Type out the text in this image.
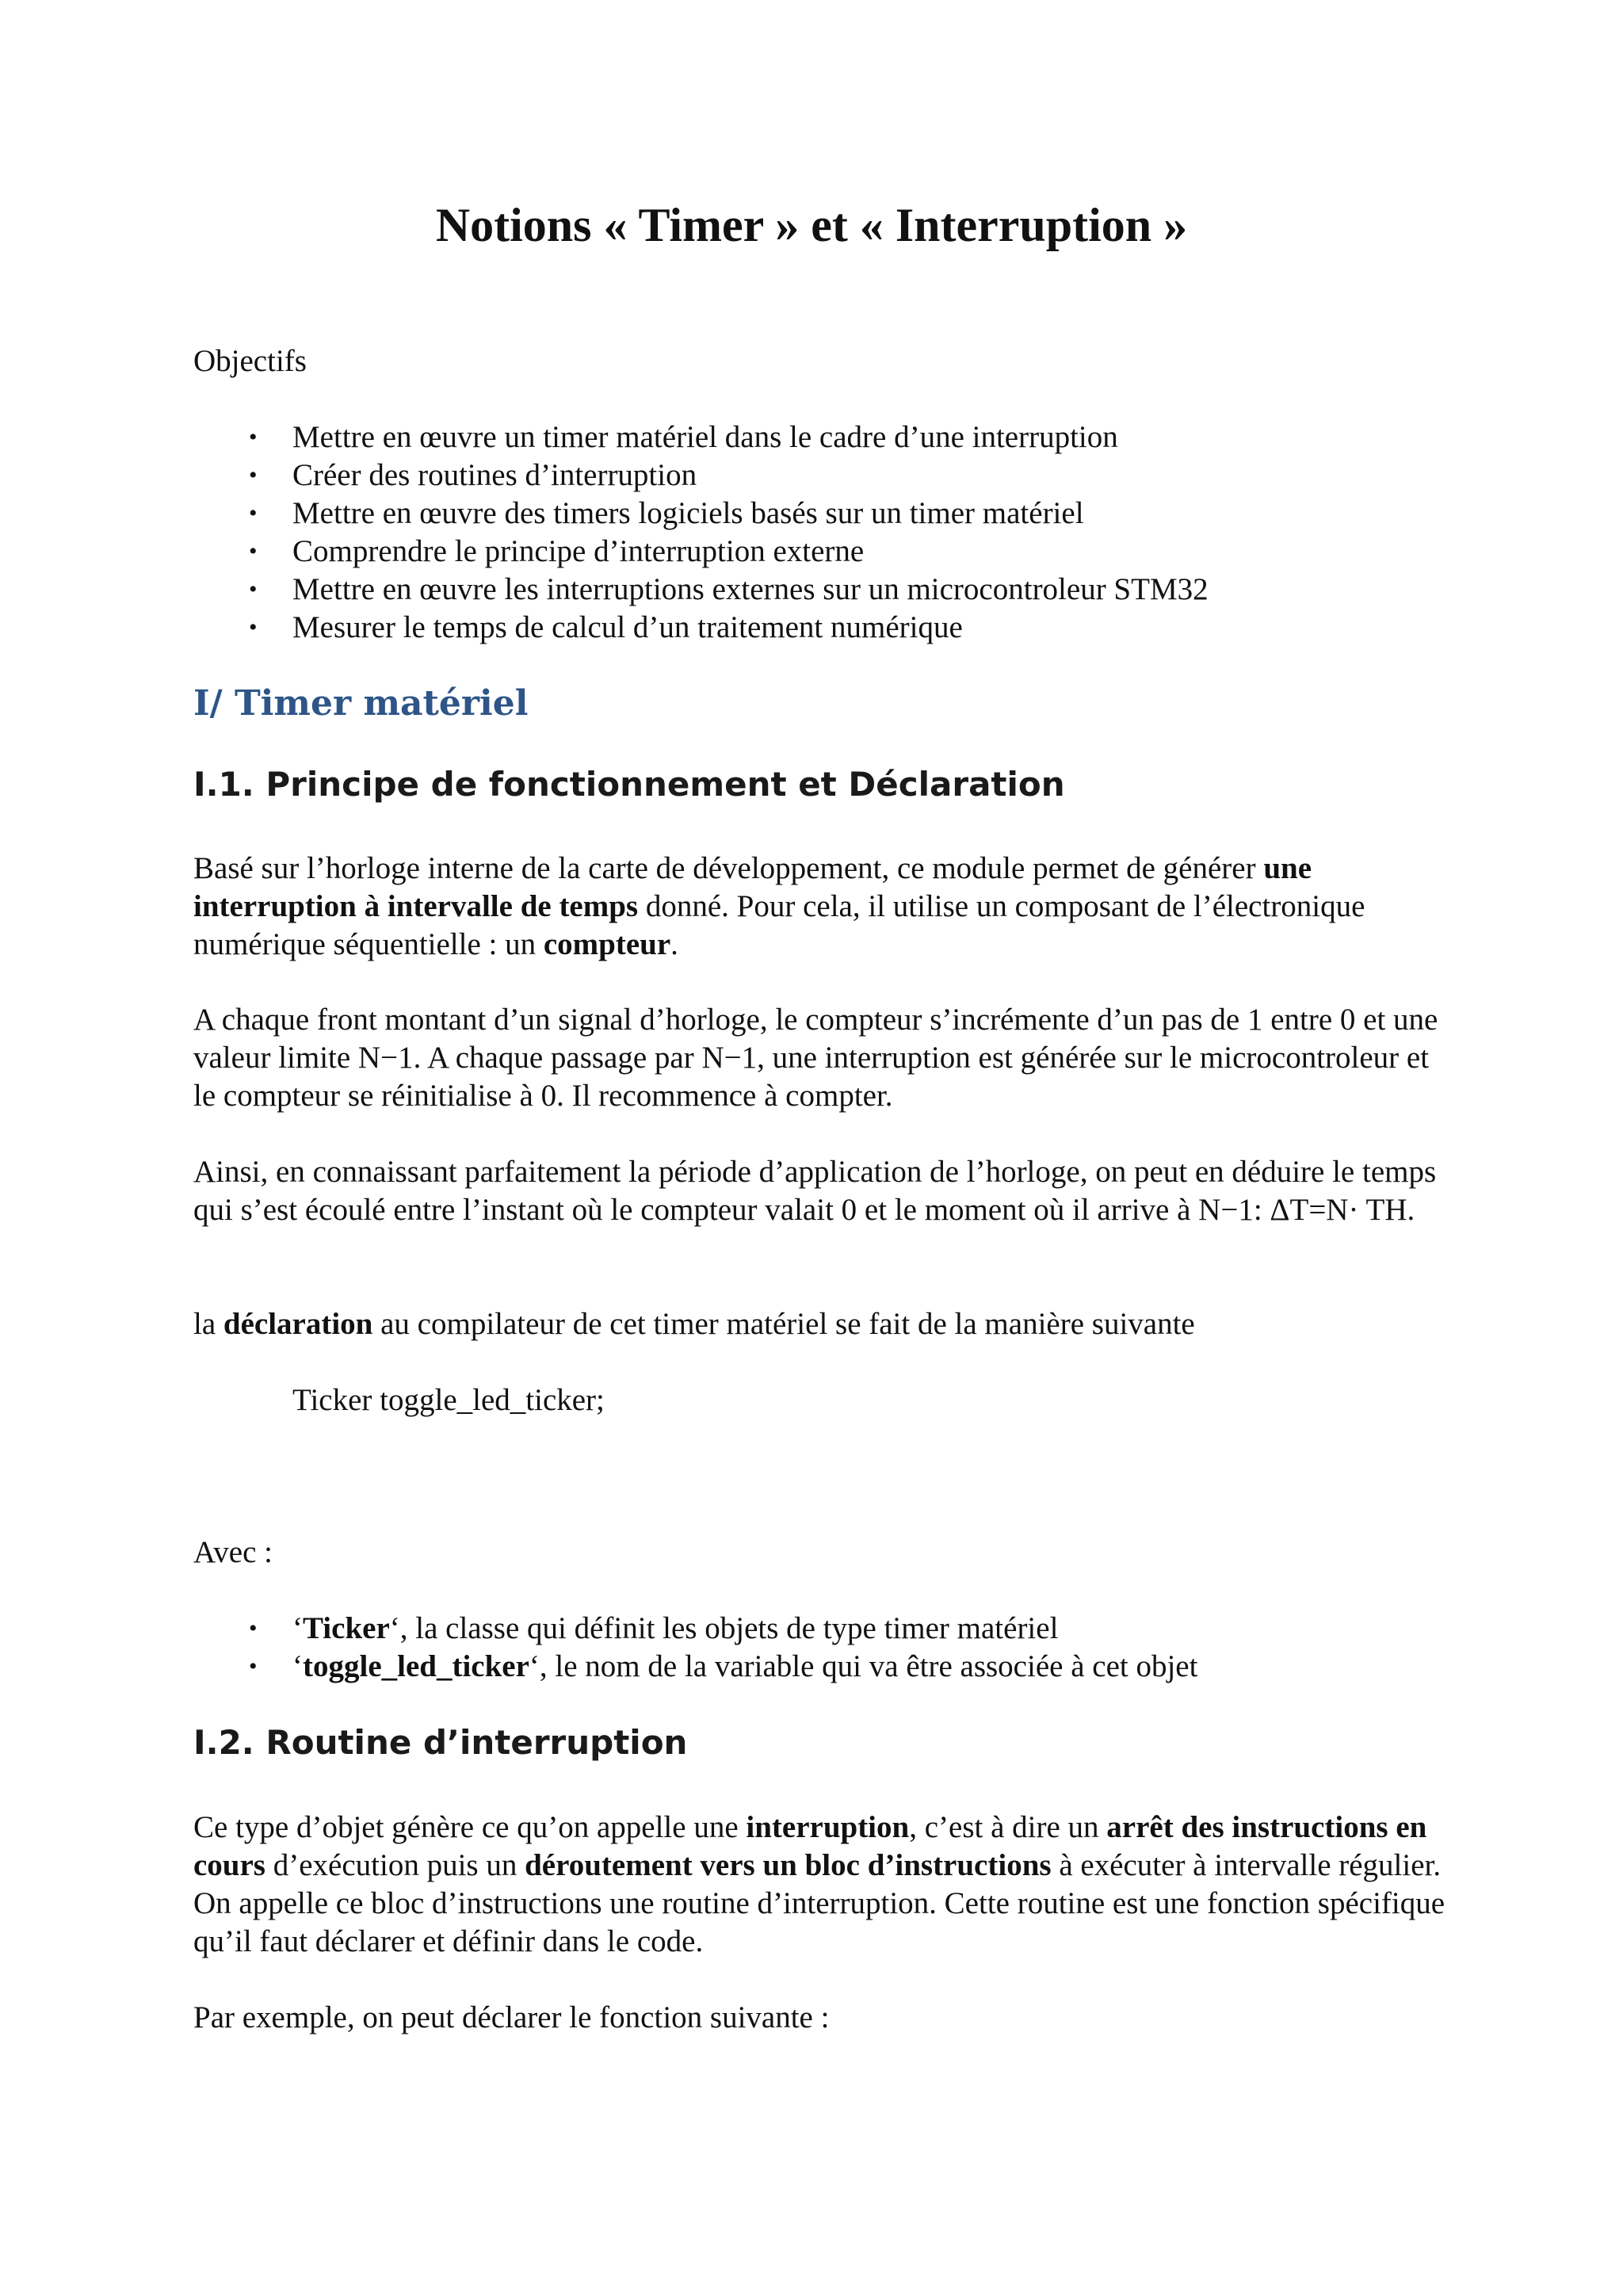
Notions « Timer » et « Interruption »

Objectifs

• Mettre en œuvre un timer matériel dans le cadre d’une interruption
• Créer des routines d’interruption
• Mettre en œuvre des timers logiciels basés sur un timer matériel
• Comprendre le principe d’interruption externe
• Mettre en œuvre les interruptions externes sur un microcontroleur STM32
• Mesurer le temps de calcul d’un traitement numérique
I/ Timer matériel
I.1. Principe de fonctionnement et Déclaration

Basé sur l’horloge interne de la carte de développement, ce module permet de générer une interruption à intervalle de temps donné. Pour cela, il utilise un composant de l’électronique numérique séquentielle : un compteur.

A chaque front montant d’un signal d’horloge, le compteur s’incrémente d’un pas de 1 entre 0 et une valeur limite N−1. A chaque passage par N−1, une interruption est générée sur le microcontroleur et le compteur se réinitialise à 0. Il recommence à compter.

Ainsi, en connaissant parfaitement la période d’application de l’horloge, on peut en déduire le temps qui s’est écoulé entre l’instant où le compteur valait 0 et le moment où il arrive à N−1: ΔT=N· TH.

la déclaration au compilateur de cet timer matériel se fait de la manière suivante

Ticker toggle_led_ticker;

Avec :

• ‘Ticker‘, la classe qui définit les objets de type timer matériel
• ‘toggle_led_ticker‘, le nom de la variable qui va être associée à cet objet
I.2. Routine d’interruption

Ce type d’objet génère ce qu’on appelle une interruption, c’est à dire un arrêt des instructions en cours d’exécution puis un déroutement vers un bloc d’instructions à exécuter à intervalle régulier. On appelle ce bloc d’instructions une routine d’interruption. Cette routine est une fonction spécifique qu’il faut déclarer et définir dans le code.

Par exemple, on peut déclarer le fonction suivante :
